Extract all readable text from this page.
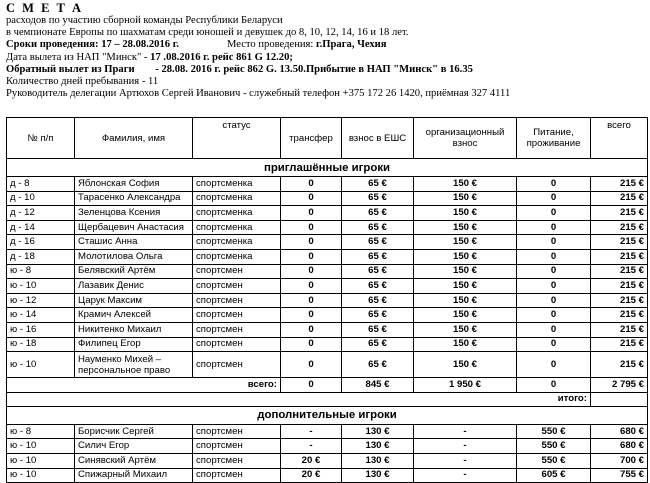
С М Е Т А
расходов по участию сборной команды Республики Беларуси
в чемпионате Европы по шахматам среди юношей и девушек до 8, 10, 12, 14, 16 и 18 лет.
Сроки проведения: 17 – 28.08.2016 г.	Место проведения: г.Прага, Чехия
Дата вылета из НАП "Минск" - 17 .08.2016 г. рейс 861 G 12.20;
Обратный вылет из Праги - 28.08. 2016 г. рейс 862 G. 13.50.Прибытие в НАП "Минск" в 16.35
Количество дней пребывания - 11
Руководитель делегации Артюхов Сергей Иванович - служебный телефон +375 172 26 1420, приёмная 327 4111
№ п/п	Фамилия, имя	статус	трансфер	взнос в ЕШС	организационный взнос	Питание, проживание	всего
приглашённые игроки							
д - 8	Яблонская София	спортсменка	0	65 €	150 €	0	215 €
д - 10	Тарасенко Александра	спортсменка	0	65 €	150 €	0	215 €
д - 12	Зеленцова Ксения	спортсменка	0	65 €	150 €	0	215 €
д - 14	Щербацевич Анастасия	спортсменка	0	65 €	150 €	0	215 €
д - 16	Сташис Анна	спортсменка	0	65 €	150 €	0	215 €
д - 18	Молотилова Ольга	спортсменка	0	65 €	150 €	0	215 €
ю - 8	Белявский Артём	спортсмен	0	65 €	150 €	0	215 €
ю - 10	Лазавик Денис	спортсмен	0	65 €	150 €	0	215 €
ю - 12	Царук Максим	спортсмен	0	65 €	150 €	0	215 €
ю - 14	Крамич Алексей	спортсмен	0	65 €	150 €	0	215 €
ю - 16	Никитенко Михаил	спортсмен	0	65 €	150 €	0	215 €
ю - 18	Филипец Егор	спортсмен	0	65 €	150 €	0	215 €
ю - 10	Науменко Михей – персональное право	спортсмен	0	65 €	150 €	0	215 €
всего:			0	845 €	1 950 €	0	2 795 €
итого:							
дополнительные игроки							
ю - 8	Борисчик Сергей	спортсмен	-	130 €	-	550 €	680 €
ю - 10	Силич Егор	спортсмен	-	130 €	-	550 €	680 €
ю - 10	Синявский Артём	спортсмен	20 €	130 €	-	550 €	700 €
ю - 10	Спижарный Михаил	спортсмен	20 €	130 €	-	605 €	755 €
